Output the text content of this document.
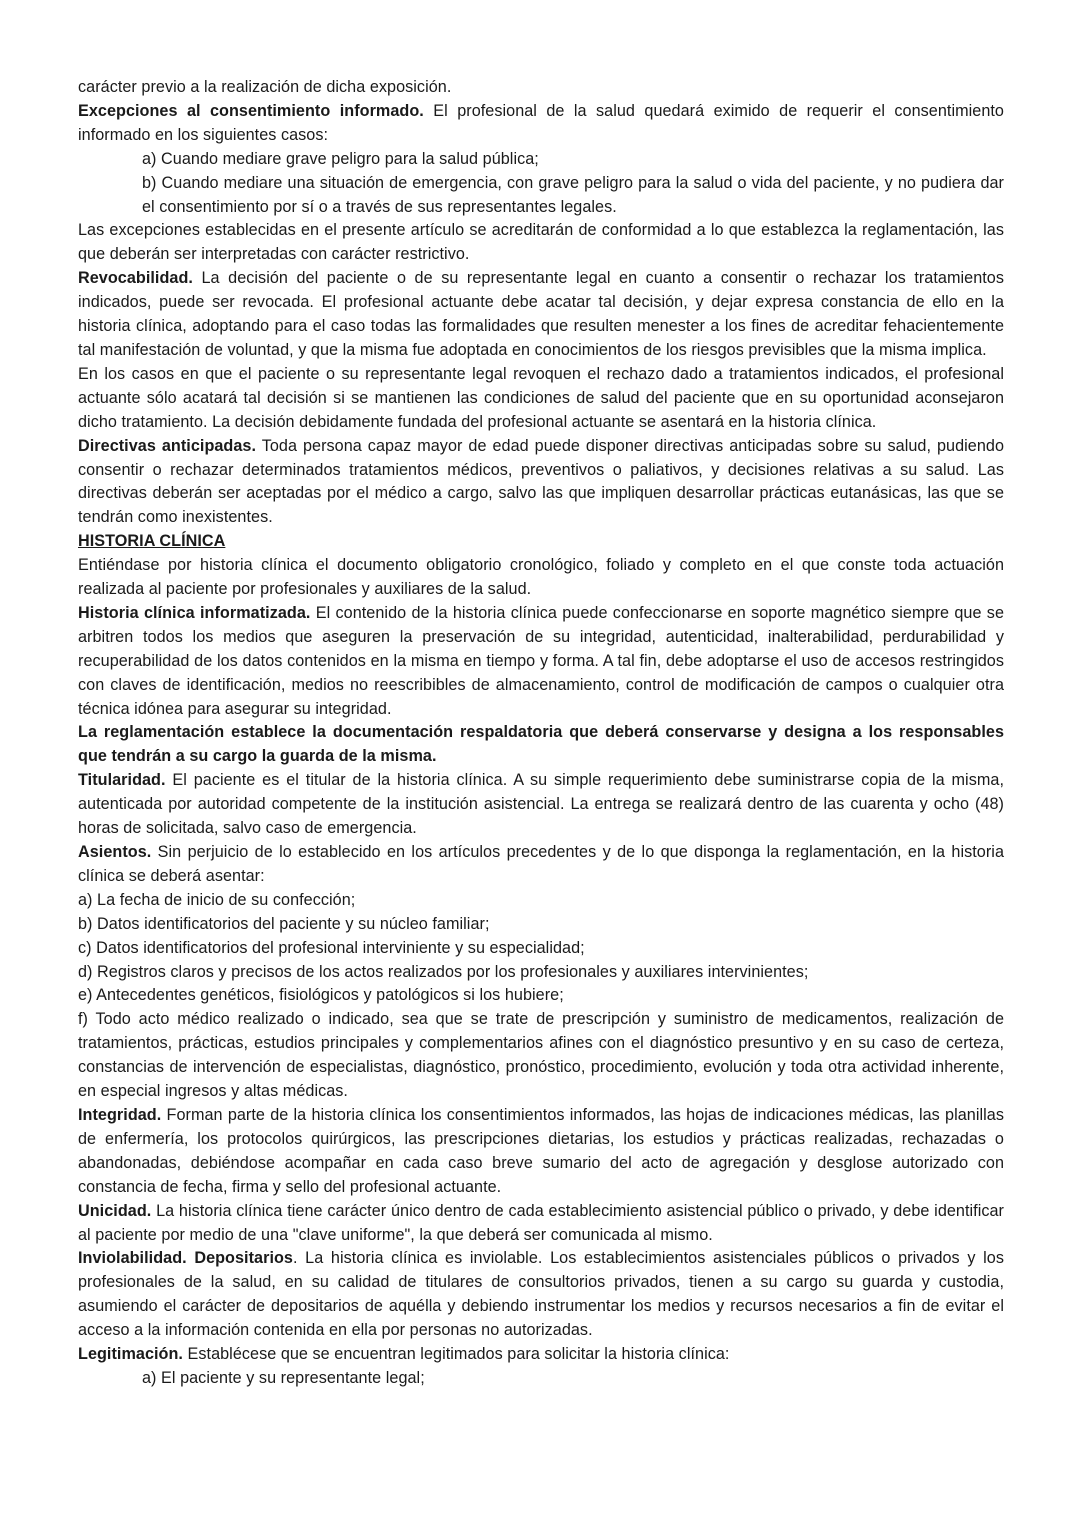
carácter previo a la realización de dicha exposición.

Excepciones al consentimiento informado. El profesional de la salud quedará eximido de requerir el consentimiento informado en los siguientes casos:

a) Cuando mediare grave peligro para la salud pública;

b) Cuando mediare una situación de emergencia, con grave peligro para la salud o vida del paciente, y no pudiera dar el consentimiento por sí o a través de sus representantes legales.

Las excepciones establecidas en el presente artículo se acreditarán de conformidad a lo que establezca la reglamentación, las que deberán ser interpretadas con carácter restrictivo.

Revocabilidad. La decisión del paciente o de su representante legal en cuanto a consentir o rechazar los tratamientos indicados, puede ser revocada. El profesional actuante debe acatar tal decisión, y dejar expresa constancia de ello en la historia clínica, adoptando para el caso todas las formalidades que resulten menester a los fines de acreditar fehacientemente tal manifestación de voluntad, y que la misma fue adoptada en conocimientos de los riesgos previsibles que la misma implica.

En los casos en que el paciente o su representante legal revoquen el rechazo dado a tratamientos indicados, el profesional actuante sólo acatará tal decisión si se mantienen las condiciones de salud del paciente que en su oportunidad aconsejaron dicho tratamiento. La decisión debidamente fundada del profesional actuante se asentará en la historia clínica.

Directivas anticipadas. Toda persona capaz mayor de edad puede disponer directivas anticipadas sobre su salud, pudiendo consentir o rechazar determinados tratamientos médicos, preventivos o paliativos, y decisiones relativas a su salud. Las directivas deberán ser aceptadas por el médico a cargo, salvo las que impliquen desarrollar prácticas eutanásicas, las que se tendrán como inexistentes.

HISTORIA CLÍNICA

Entiéndase por historia clínica el documento obligatorio cronológico, foliado y completo en el que conste toda actuación realizada al paciente por profesionales y auxiliares de la salud.

Historia clínica informatizada. El contenido de la historia clínica puede confeccionarse en soporte magnético siempre que se arbitren todos los medios que aseguren la preservación de su integridad, autenticidad, inalterabilidad, perdurabilidad y recuperabilidad de los datos contenidos en la misma en tiempo y forma. A tal fin, debe adoptarse el uso de accesos restringidos con claves de identificación, medios no reescribibles de almacenamiento, control de modificación de campos o cualquier otra técnica idónea para asegurar su integridad.

La reglamentación establece la documentación respaldatoria que deberá conservarse y designa a los responsables que tendrán a su cargo la guarda de la misma.

Titularidad. El paciente es el titular de la historia clínica. A su simple requerimiento debe suministrarse copia de la misma, autenticada por autoridad competente de la institución asistencial. La entrega se realizará dentro de las cuarenta y ocho (48) horas de solicitada, salvo caso de emergencia.

Asientos. Sin perjuicio de lo establecido en los artículos precedentes y de lo que disponga la reglamentación, en la historia clínica se deberá asentar:

a) La fecha de inicio de su confección;

b) Datos identificatorios del paciente y su núcleo familiar;

c) Datos identificatorios del profesional interviniente y su especialidad;

d) Registros claros y precisos de los actos realizados por los profesionales y auxiliares intervinientes;

e) Antecedentes genéticos, fisiológicos y patológicos si los hubiere;

f) Todo acto médico realizado o indicado, sea que se trate de prescripción y suministro de medicamentos, realización de tratamientos, prácticas, estudios principales y complementarios afines con el diagnóstico presuntivo y en su caso de certeza, constancias de intervención de especialistas, diagnóstico, pronóstico, procedimiento, evolución y toda otra actividad inherente, en especial ingresos y altas médicas.

Integridad. Forman parte de la historia clínica los consentimientos informados, las hojas de indicaciones médicas, las planillas de enfermería, los protocolos quirúrgicos, las prescripciones dietarias, los estudios y prácticas realizadas, rechazadas o abandonadas, debiéndose acompañar en cada caso breve sumario del acto de agregación y desglose autorizado con constancia de fecha, firma y sello del profesional actuante.

Unicidad. La historia clínica tiene carácter único dentro de cada establecimiento asistencial público o privado, y debe identificar al paciente por medio de una "clave uniforme", la que deberá ser comunicada al mismo.

Inviolabilidad. Depositarios. La historia clínica es inviolable. Los establecimientos asistenciales públicos o privados y los profesionales de la salud, en su calidad de titulares de consultorios privados, tienen a su cargo su guarda y custodia, asumiendo el carácter de depositarios de aquélla y debiendo instrumentar los medios y recursos necesarios a fin de evitar el acceso a la información contenida en ella por personas no autorizadas.

Legitimación. Establécese que se encuentran legitimados para solicitar la historia clínica:

a) El paciente y su representante legal;
